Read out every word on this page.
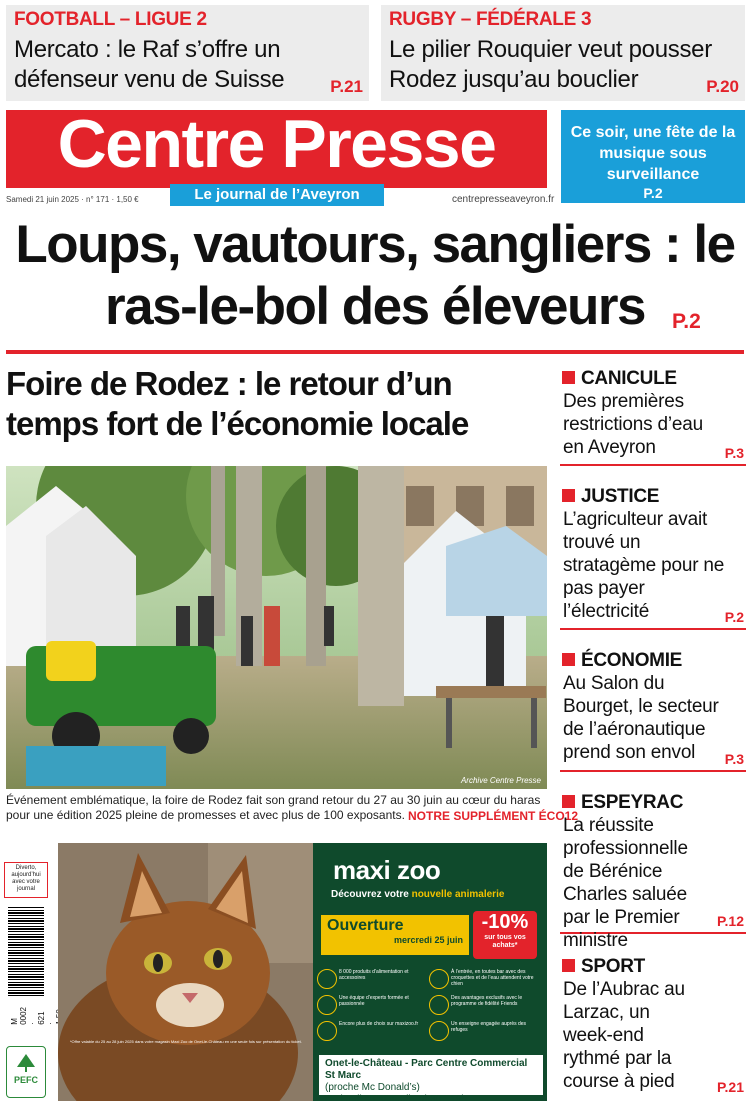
FOOTBALL – LIGUE 2
Mercato : le Raf s’offre un défenseur venu de Suisse	P.21
RUGBY – FÉDÉRALE 3
Le pilier Rouquier veut pousser Rodez jusqu’au bouclier	P.20
Centre Presse
Le journal de l’Aveyron
Samedi 21 juin 2025 · n° 171 · 1,50 €	centrepresseaveyron.fr
Ce soir, une fête de la musique sous surveillance
P.2
Loups, vautours, sangliers : le ras-le-bol des éleveurs	P.2
Foire de Rodez : le retour d’un temps fort de l’économie locale
Archive Centre Presse
Événement emblématique, la foire de Rodez fait son grand retour du 27 au 30 juin au cœur du haras pour une édition 2025 pleine de promesses et avec plus de 100 exposants. NOTRE SUPPLÉMENT ÉCO12
CANICULE
Des premières restrictions d’eau en Aveyron	P.3
JUSTICE
L’agriculteur avait trouvé un stratagème pour ne pas payer l’électricité	P.2
ÉCONOMIE
Au Salon du Bourget, le secteur de l’aéronautique prend son envol	P.3
ESPEYRAC
La réussite professionnelle de Bérénice Charles saluée par le Premier ministre
P.12
SPORT
De l’Aubrac au Larzac, un week-end rythmé par la course à pied	P.21
Diverto, aujourd’hui avec votre journal
M 0002 · 621 ·
PEFC
maxi zoo
Découvrez votre nouvelle animalerie
Ouverture
mercredi 25 juin
-10%
sur tous vos achats*
8 000 produits d’alimentation et accessoires
À l’entrée, en toutes bar avec des croquettes et de l’eau attendent votre chien
Une équipe d’experts formée et passionnée
Des avantages exclusifs avec le programme de fidélité Friends
Encore plus de choix sur maxizoo.fr	Un enseigne engagée auprès des refuges
Onet-le-Château - Parc Centre Commercial St Marc
(proche Mc Donald’s)
Du lundi au samedi : 9h30 - 19h
*Offre valable du 25 au 28 juin 2025 dans votre magasin Maxi Zoo de Onet-le-Château en une seule fois sur présentation du ticket.
